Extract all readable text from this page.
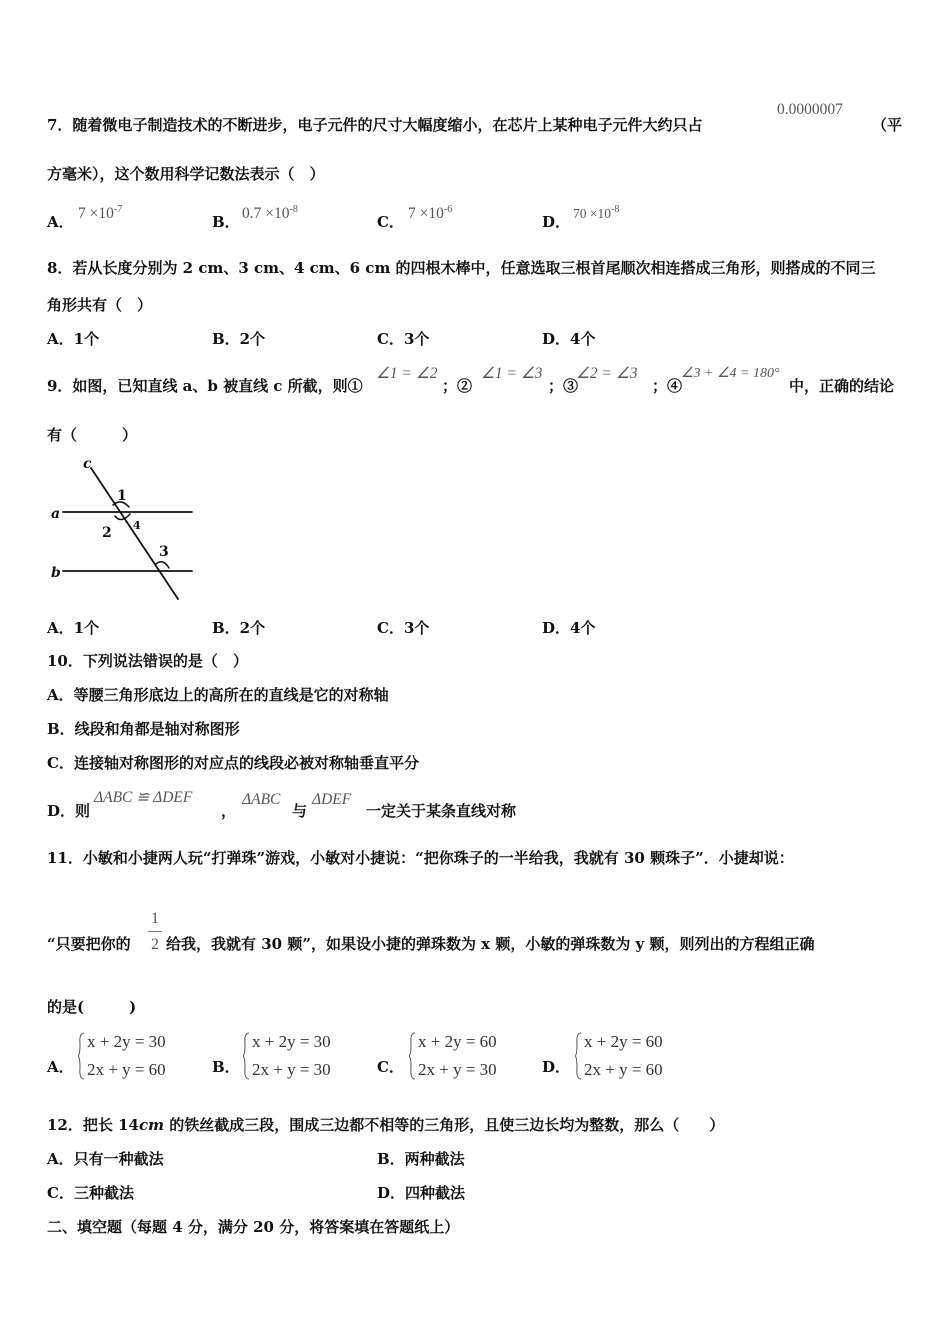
7．随着微电子制造技术的不断进步，电子元件的尺寸大幅度缩小，在芯片上某种电子元件大约只占
0.0000007
（平
方毫米），这个数用科学记数法表示（　）
A． $7 \times 10^{-7}$
B． $0.7 \times 10^{-8}$
C． $7 \times 10^{-6}$
D． $70 \times 10^{-8}$
8．若从长度分别为 2 cm、3 cm、4 cm、6 cm 的四根木棒中，任意选取三根首尾顺次相连搭成三角形，则搭成的不同三
角形共有（　）
A．1个	B．2个	C．3个	D．4个
9．如图，已知直线 a、b 被直线 c 所截，则①
∠1 = ∠2
；②
∠1 = ∠3
；③
∠2 = ∠3
；④
∠3 + ∠4 = 180°
中，正确的结论
有（　　　）
c
a
b
1
2
3
4
A．1个	B．2个	C．3个	D．4个
10．下列说法错误的是（　）
A．等腰三角形底边上的高所在的直线是它的对称轴
B．线段和角都是轴对称图形
C．连接轴对称图形的对应点的线段必被对称轴垂直平分
D．则
ΔABC ≌ ΔDEF
，
ΔABC
与
ΔDEF
一定关于某条直线对称
11．小敏和小捷两人玩“打弹珠”游戏，小敏对小捷说：“把你珠子的一半给我，我就有 30 颗珠子”．小捷却说：
“只要把你的
1
2 给我，我就有 30 颗”，如果设小捷的弹珠数为 x 颗，小敏的弹珠数为 y 颗，则列出的方程组正确
的是(　　　)
A．
x + 2y = 30
2x + y = 60	B．
x + 2y = 30
2x + y = 30	C．
x + 2y = 60
2x + y = 30	D．
x + 2y = 60
2x + y = 60
12．把长 14cm 的铁丝截成三段，围成三边都不相等的三角形，且使三边长均为整数，那么（　　）
A．只有一种截法	B．两种截法
C．三种截法	D．四种截法
二、填空题（每题 4 分，满分 20 分，将答案填在答题纸上）
